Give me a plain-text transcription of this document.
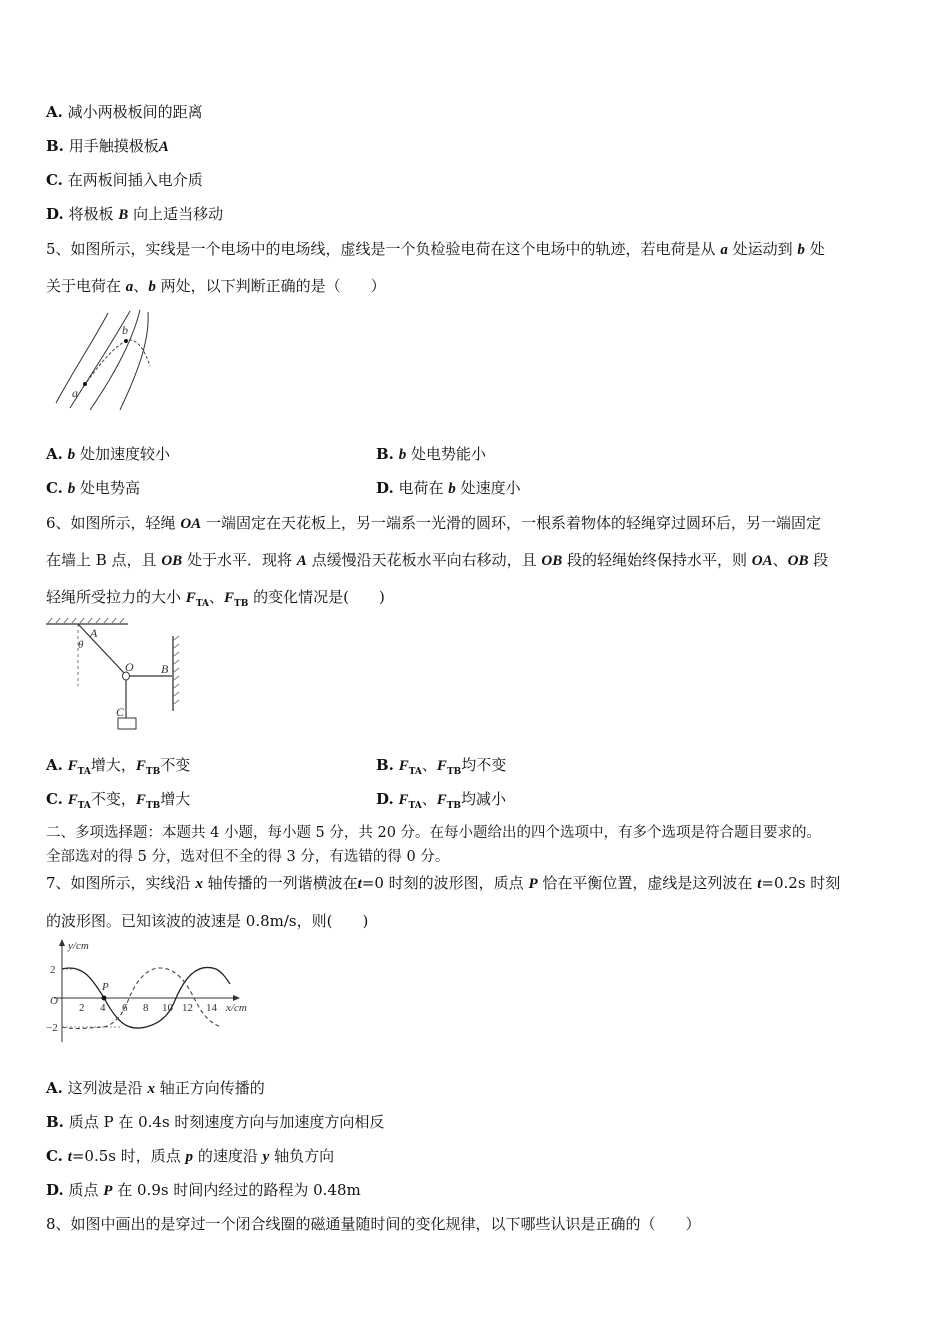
A. 减小两极板间的距离
B. 用手触摸极板A
C. 在两板间插入电介质
D. 将极板 B 向上适当移动
5、如图所示，实线是一个电场中的电场线，虚线是一个负检验电荷在这个电场中的轨迹，若电荷是从 a 处运动到 b 处
关于电荷在 a、b 两处，以下判断正确的是（　　）
a
b
A. b 处加速度较小	B. b 处电势能小
C. b 处电势高	D. 电荷在 b 处速度小
6、如图所示，轻绳 OA 一端固定在天花板上，另一端系一光滑的圆环，一根系着物体的轻绳穿过圆环后，另一端固定
在墙上 B 点，且 OB 处于水平．现将 A 点缓慢沿天花板水平向右移动，且 OB 段的轻绳始终保持水平，则 OA、OB 段
轻绳所受拉力的大小 $F_{TA}$、$F_{TB}$ 的变化情况是(　　)
A
θ
O B
C
A. $F_{TA}$增大，$F_{TB}$不变	B. $F_{TA}$、$F_{TB}$均不变
C. $F_{TA}$不变，$F_{TB}$增大	D. $F_{TA}$、$F_{TB}$均减小
二、多项选择题：本题共 4 小题，每小题 5 分，共 20 分。在每小题给出的四个选项中，有多个选项是符合题目要求的。
全部选对的得 5 分，选对但不全的得 3 分，有选错的得 0 分。
7、如图所示，实线沿 x 轴传播的一列谐横波在t=0 时刻的波形图，质点 P 恰在平衡位置，虚线是这列波在 t=0.2s 时刻
的波形图。已知该波的波速是 0.8m/s，则(　　)
y/cm
x/cm
O
P
2
−2
2 4 6 8 10 12 14
A. 这列波是沿 x 轴正方向传播的
B. 质点 P 在 0.4s 时刻速度方向与加速度方向相反
C. t=0.5s 时，质点 p 的速度沿 y 轴负方向
D. 质点 P 在 0.9s 时间内经过的路程为 0.48m
8、如图中画出的是穿过一个闭合线圈的磁通量随时间的变化规律，以下哪些认识是正确的（　　）
